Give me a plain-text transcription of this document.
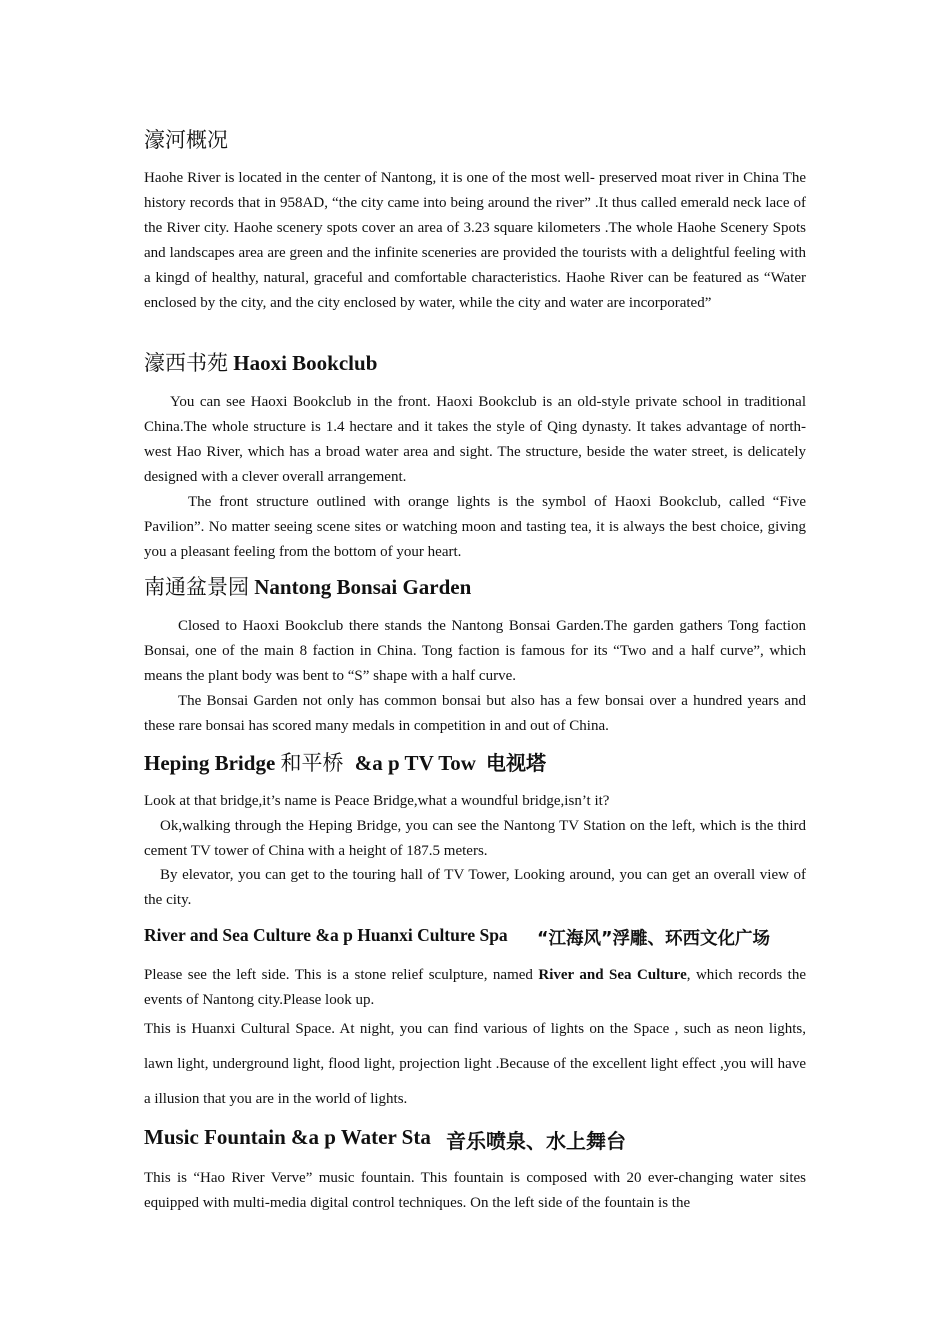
濠河概况

Haohe River is located in the center of Nantong, it is one of the most well- preserved moat river in China The history records that in 958AD, “the city came into being around the river” .It thus called emerald neck lace of the River city. Haohe scenery spots cover an area of 3.23 square kilometers .The whole Haohe Scenery Spots and landscapes area are green and the infinite sceneries are provided the tourists with a delightful feeling with a kingd of healthy, natural, graceful and comfortable characteristics. Haohe River can be featured as “Water enclosed by the city, and the city enclosed by water, while the city and water are incorporated”

濠西书苑 Haoxi Bookclub

You can see Haoxi Bookclub in the front. Haoxi Bookclub is an old-style private school in traditional China.The whole structure is 1.4 hectare and it takes the style of Qing dynasty. It takes advantage of north-west Hao River, which has a broad water area and sight. The structure, beside the water street, is delicately designed with a clever overall arrangement.

The front structure outlined with orange lights is the symbol of Haoxi Bookclub, called “Five Pavilion”. No matter seeing scene sites or watching moon and tasting tea, it is always the best choice, giving you a pleasant feeling from the bottom of your heart.

南通盆景园 Nantong Bonsai Garden

Closed to Haoxi Bookclub there stands the Nantong Bonsai Garden.The garden gathers Tong faction Bonsai, one of the main 8 faction in China. Tong faction is famous for its “Two and a half curve”, which means the plant body was bent to “S” shape with a half curve.

The Bonsai Garden not only has common bonsai but also has a few bonsai over a hundred years and these rare bonsai has scored many medals in competition in and out of China.

Heping Bridge 和平桥 &a p TV Tow 电视塔

Look at that bridge,it’s name is Peace Bridge,what a woundful bridge,isn’t it?

Ok,walking through the Heping Bridge, you can see the Nantong TV Station on the left, which is the third cement TV tower of China with a height of 187.5 meters.

By elevator, you can get to the touring hall of TV Tower, Looking around, you can get an overall view of the city.

River and Sea Culture &a p Huanxi Culture Spa “江海风”浮雕、环西文化广场

Please see the left side. This is a stone relief sculpture, named River and Sea Culture, which records the events of Nantong city.Please look up.

This is Huanxi Cultural Space. At night, you can find various of lights on the Space , such as neon lights, lawn light, underground light, flood light, projection light .Because of the excellent light effect ,you will have a illusion that you are in the world of lights.

Music Fountain &a p Water Sta 音乐喷泉、水上舞台

This is “Hao River Verve” music fountain. This fountain is composed with 20 ever-changing water sites equipped with multi-media digital control techniques. On the left side of the fountain is the
